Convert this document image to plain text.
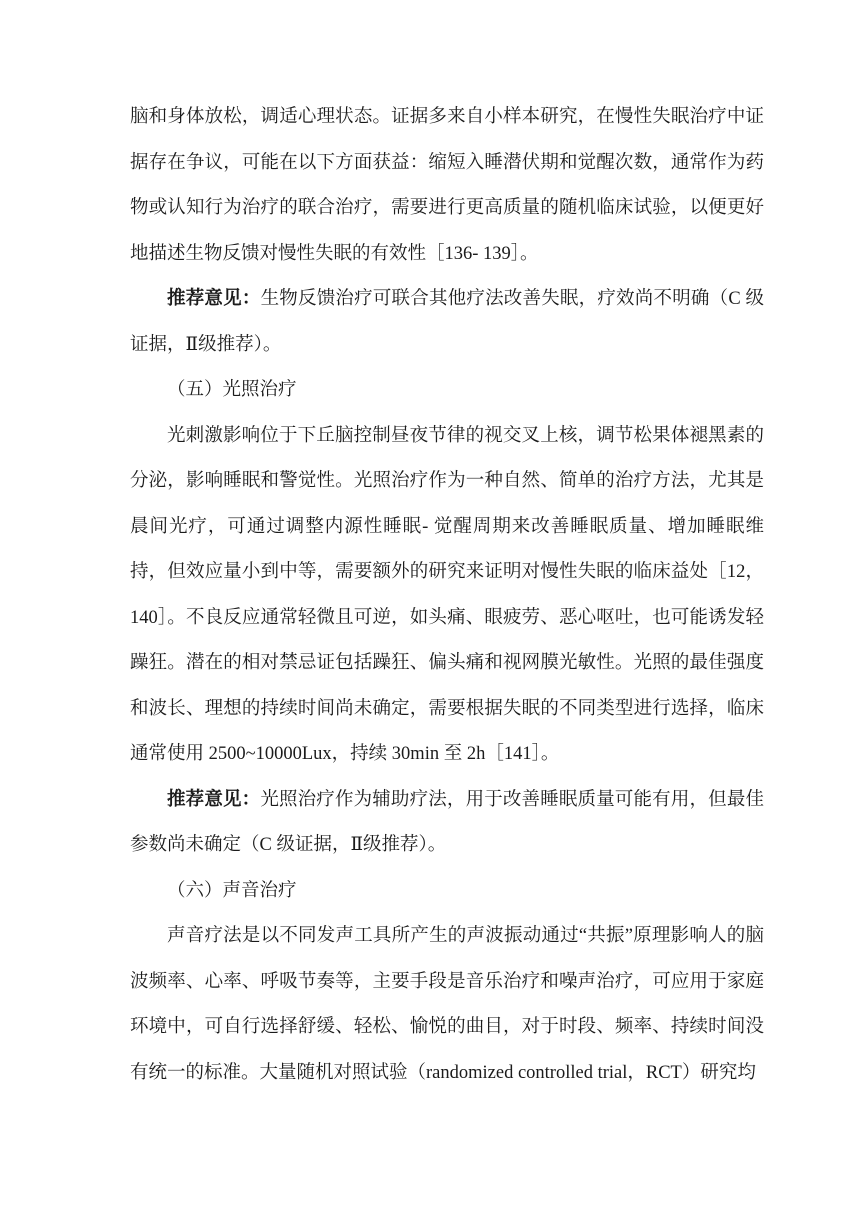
脑和身体放松，调适心理状态。证据多来自小样本研究，在慢性失眠治疗中证据存在争议，可能在以下方面获益：缩短入睡潜伏期和觉醒次数，通常作为药物或认知行为治疗的联合治疗，需要进行更高质量的随机临床试验，以便更好地描述生物反馈对慢性失眠的有效性［136- 139］。

推荐意见：生物反馈治疗可联合其他疗法改善失眠，疗效尚不明确（C 级证据，Ⅱ级推荐）。

（五）光照治疗

光刺激影响位于下丘脑控制昼夜节律的视交叉上核，调节松果体褪黑素的分泌，影响睡眠和警觉性。光照治疗作为一种自然、简单的治疗方法，尤其是晨间光疗，可通过调整内源性睡眠- 觉醒周期来改善睡眠质量、增加睡眠维持，但效应量小到中等，需要额外的研究来证明对慢性失眠的临床益处［12，140］。不良反应通常轻微且可逆，如头痛、眼疲劳、恶心呕吐，也可能诱发轻躁狂。潜在的相对禁忌证包括躁狂、偏头痛和视网膜光敏性。光照的最佳强度和波长、理想的持续时间尚未确定，需要根据失眠的不同类型进行选择，临床通常使用 2500~10000Lux，持续 30min 至 2h［141］。

推荐意见：光照治疗作为辅助疗法，用于改善睡眠质量可能有用，但最佳参数尚未确定（C 级证据，Ⅱ级推荐）。

（六）声音治疗

声音疗法是以不同发声工具所产生的声波振动通过“共振”原理影响人的脑波频率、心率、呼吸节奏等，主要手段是音乐治疗和噪声治疗，可应用于家庭环境中，可自行选择舒缓、轻松、愉悦的曲目，对于时段、频率、持续时间没有统一的标准。大量随机对照试验（randomized controlled trial，RCT）研究均
